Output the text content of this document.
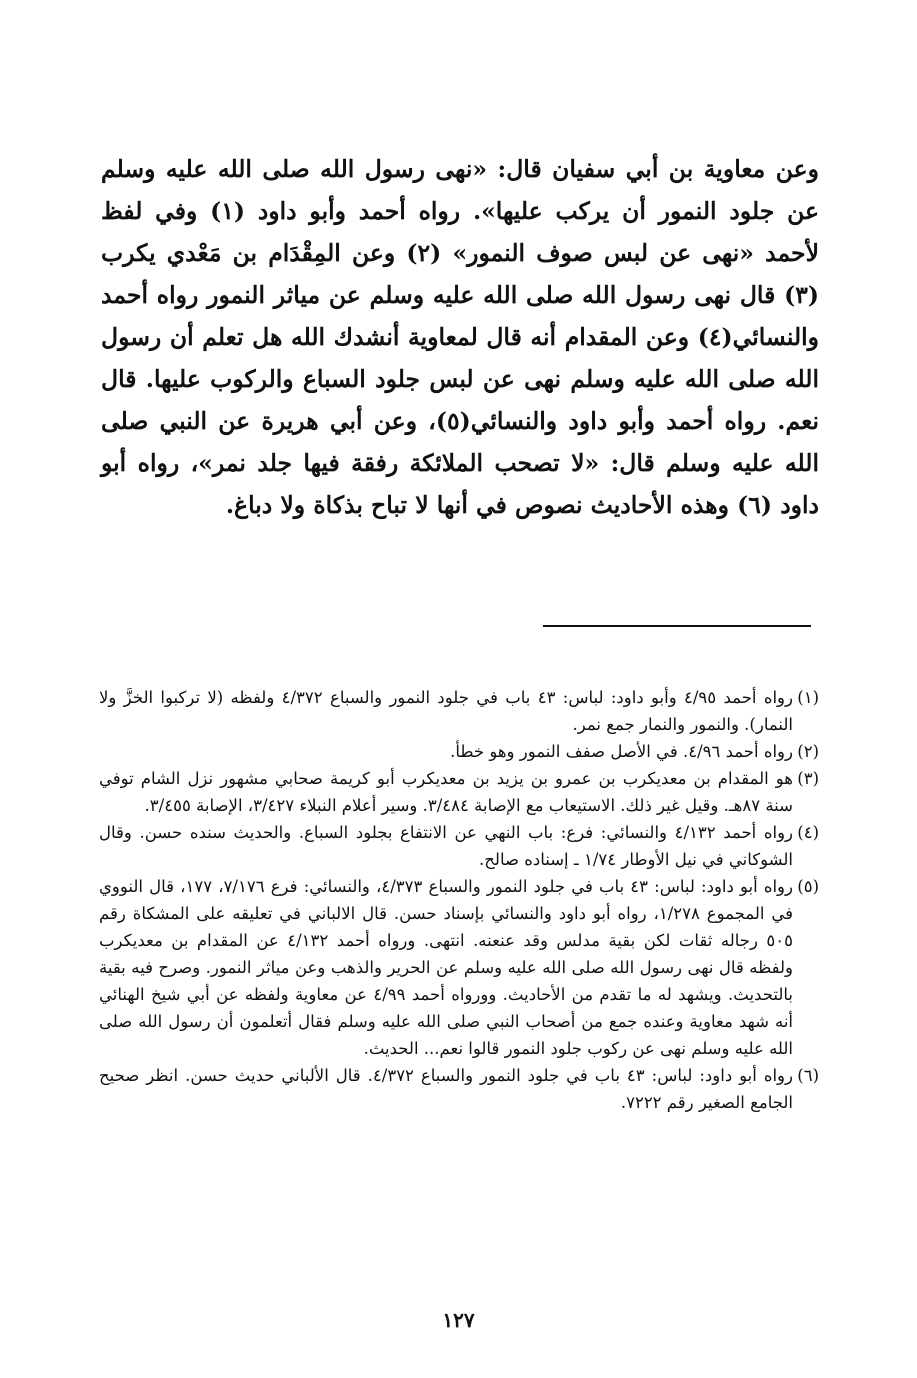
وعن معاوية بن أبي سفيان قال: «نهى رسول الله صلى الله عليه وسلم عن جلود النمور أن يركب عليها». رواه أحمد وأبو داود (١) وفي لفظ لأحمد «نهى عن لبس صوف النمور» (٢) وعن المِقْدَام بن مَعْدي يكرب (٣) قال نهى رسول الله صلى الله عليه وسلم عن مياثر النمور رواه أحمد والنسائي(٤) وعن المقدام أنه قال لمعاوية أنشدك الله هل تعلم أن رسول الله صلى الله عليه وسلم نهى عن لبس جلود السباع والركوب عليها. قال نعم. رواه أحمد وأبو داود والنسائي(٥)، وعن أبي هريرة عن النبي صلى الله عليه وسلم قال: «لا تصحب الملائكة رفقة فيها جلد نمر»، رواه أبو داود (٦) وهذه الأحاديث نصوص في أنها لا تباح بذكاة ولا دباغ.

(١)
رواه أحمد ٤/٩٥ وأبو داود: لباس: ٤٣ باب في جلود النمور والسباع ٤/٣٧٢ ولفظه (لا تركبوا الخزَّ ولا النمار). والنمور والنمار جمع نمر.
(٢)
رواه أحمد ٤/٩٦. في الأصل صفف النمور وهو خطأ.
(٣)
هو المقدام بن معديكرب بن عمرو بن يزيد بن معديكرب أبو كريمة صحابي مشهور نزل الشام توفي سنة ٨٧هـ. وقيل غير ذلك. الاستيعاب مع الإصابة ٣/٤٨٤. وسير أعلام النبلاء ٣/٤٢٧، الإصابة ٣/٤٥٥.
(٤)
رواه أحمد ٤/١٣٢ والنسائي: فرع: باب النهي عن الانتفاع بجلود السباع. والحديث سنده حسن. وقال الشوكاني في نيل الأوطار ١/٧٤ ـ إسناده صالح.
(٥)
رواه أبو داود: لباس: ٤٣ باب في جلود النمور والسباع ٤/٣٧٣، والنسائي: فرع ٧/١٧٦، ١٧٧، قال النووي في المجموع ١/٢٧٨، رواه أبو داود والنسائي بإسناد حسن. قال الالباني في تعليقه على المشكاة رقم ٥٠٥ رجاله ثقات لكن بقية مدلس وقد عنعنه. انتهى. ورواه أحمد ٤/١٣٢ عن المقدام بن معديكرب ولفظه قال نهى رسول الله صلى الله عليه وسلم عن الحرير والذهب وعن مياثر النمور. وصرح فيه بقية بالتحديث. ويشهد له ما تقدم من الأحاديث. وورواه أحمد ٤/٩٩ عن معاوية ولفظه عن أبي شيخ الهنائي أنه شهد معاوية وعنده جمع من أصحاب النبي صلى الله عليه وسلم فقال أتعلمون أن رسول الله صلى الله عليه وسلم نهى عن ركوب جلود النمور قالوا نعم... الحديث.
(٦)
رواه أبو داود: لباس: ٤٣ باب في جلود النمور والسباع ٤/٣٧٢. قال الألباني حديث حسن. انظر صحيح الجامع الصغير رقم ٧٢٢٢.
١٢٧
